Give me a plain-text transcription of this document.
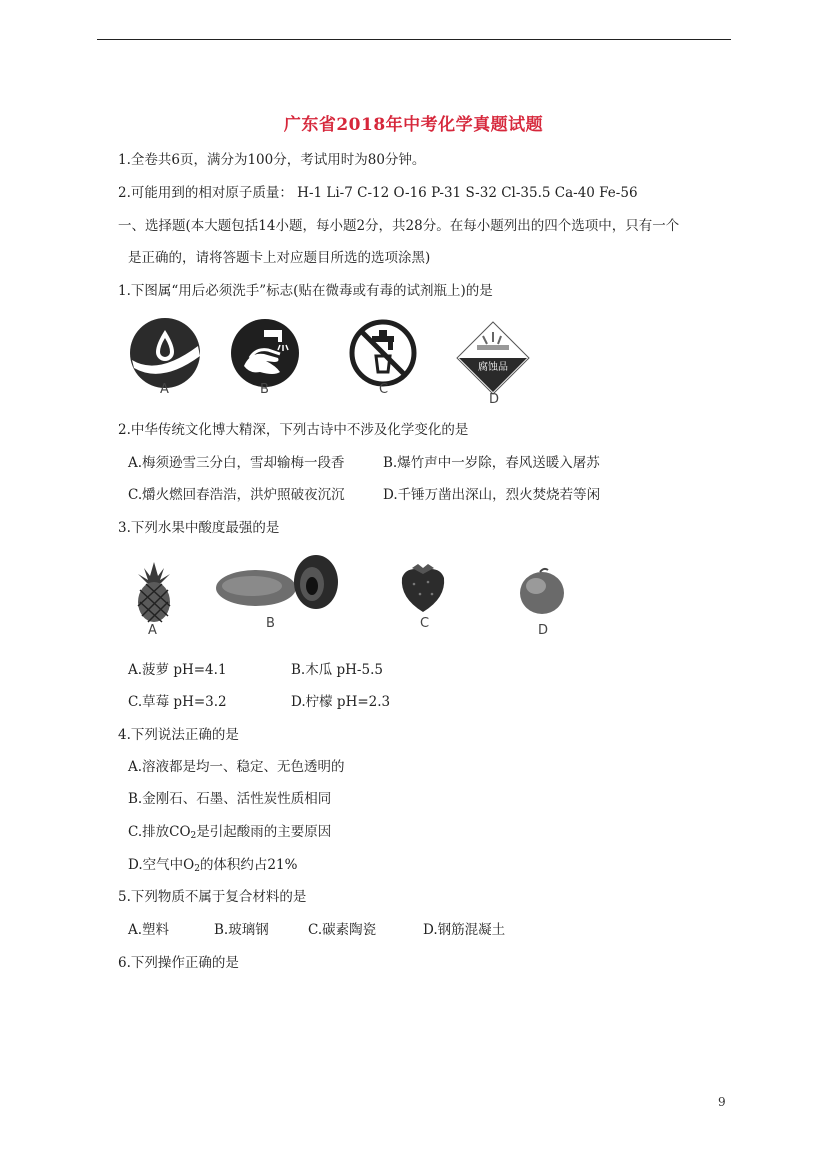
广东省2018年中考化学真题试题
1.全卷共6页，满分为100分，考试用时为80分钟。
2.可能用到的相对原子质量： H-1 Li-7 C-12 O-16 P-31 S-32 Cl-35.5 Ca-40 Fe-56
一、选择题(本大题包括14小题，每小题2分，共28分。在每小题列出的四个选项中，只有一个
是正确的，请将答题卡上对应题目所选的选项涂黑)
1.下图属“用后必须洗手”标志(贴在微毒或有毒的试剂瓶上)的是
A	B	C
腐蚀品
D
2.中华传统文化博大精深，下列古诗中不涉及化学变化的是
A.梅须逊雪三分白，雪却输梅一段香	B.爆竹声中一岁除，春风送暖入屠苏
C.爝火燃回春浩浩，洪炉照破夜沉沉	D.千锤万凿出深山，烈火焚烧若等闲
3.下列水果中酸度最强的是
A	B	C	D
A.菠萝 pH=4.1	B.木瓜 pH-5.5
C.草莓 pH=3.2	D.柠檬 pH=2.3
4.下列说法正确的是
A.溶液都是均一、稳定、无色透明的
B.金刚石、石墨、活性炭性质相同
C.排放$CO_2$是引起酸雨的主要原因
D.空气中$O_2$的体积约占21%
5.下列物质不属于复合材料的是
A.塑料	B.玻璃钢	C.碳素陶瓷	D.钢筋混凝土
6.下列操作正确的是
9
